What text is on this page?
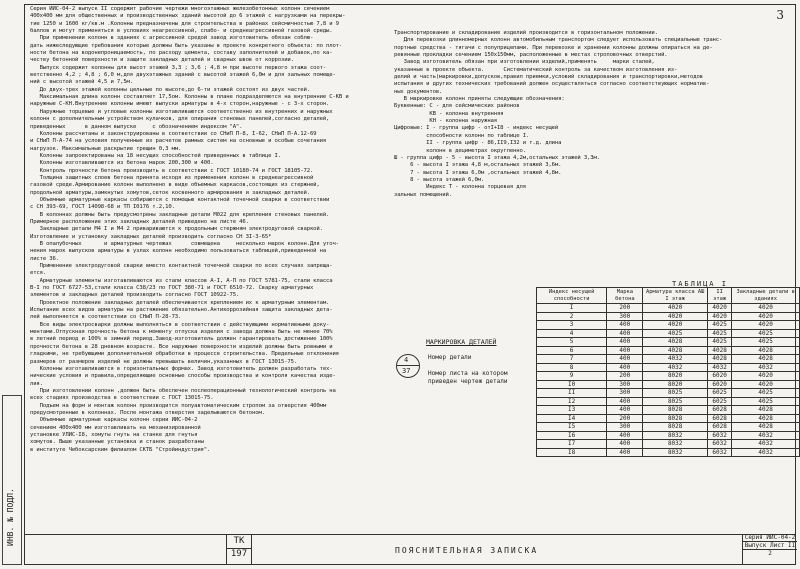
3
ИНВ. № ПОДЛ.

Серия ИИС-04-2 выпуск II содержит рабочие чертежи многоэтажных железобетонных колонн сечением

400х400 мм для общественных и производственных зданий высотой до 6 этажей с нагрузками на перекры-

тие 1250 и 1600 кг/кв.м .Колонны предназначены для строительства в районах сейсмичностью 7,8 и 9

баллов и могут применяться в условиях неагрессивной, слабо- и среднеагрессивной газовой среды.

При применении колонн в зданиях с агрессивной средой завод изготовитель обязан соблю-

дать нижеследующие требования которые должны быть указаны в проекте конкретного объекта: по плот-

ности бетона на водонепроницаемость, по расходу цемента, составу заполнителей и добавок,по ка-

честву бетонной поверхности и защите закладных деталей и сварных швов от коррозии.

Выпуск содержит колонны для высот этажей 3,3 ; 3,6 ; 4,8 м при высоте первого этажа соот-

ветственно 4,2 ; 4,8 ; 6,0 м,для двухэтажных зданий с высотой этажей 6,0м и для зальных помеще-

ний с высотой этажей 4,5 и 7,5м.

До двух-трех этажей колонны цельные по высоте,до 6-ти этажей состоят из двух частей.

Максимальная длина колонн составляет 17,5ом. Колонны в плане подразделяются на внутренние С-КВ и

наружные С-КН.Внутренние колонны имеют выпуски арматуры в 4-х сторон,наружные - с 3-х сторон.

Наружные торцевые и угловые колонны изготавливаются соответственно из внутренних и наружных

колонн с дополнительным устройством кулачков, для опирания стеновых панелей,согласно деталей,

приведенных      в данном выпуске     с обозначением индексом "А".

Колонны рассчитаны и законструированы в соответствии со СНиП П-8, I-62, СНиП П-А.12-69

и СНиП П-А-74 на условия полученные из расчетов рамных систем на основные и особые сочетания

нагрузок. Максимальные раскрытие трещин 0,3 мм.

Колонны запроектированы на 18 несущих способностей приведенных в таблице I.

Колонны изготавливаются из бетона марок 200,300 и 400.

Контроль прочности бетона производить в соответствии с ГОСТ 10180-74 и ГОСТ 18105-72.

Толщина защитных слоев бетона принята исходя из применения колонн в среднеагрессивной

газовой среде.Армирование колонн выполнено в виде объемных каркасов,состоящих из стержней,

продольной арматуры,замкнутых хомутов,сеток косвенного армирования и закладных деталей.

Объемные арматурные каркасы собираются с помощью контактной точечной сварки в соответствии

с СН 393-69, ГОСТ 14098-68 и ТП I0176 т.2,10.

В колоннах должны быть предусмотрены закладные детали М022 для крепления стеновых панелей.

Примерное расположение этих закладных деталей приведено на листе 46.

Закладные детали М4 I и М4 2 привариваются к продольным стержням электродуговой сваркой.

Изготовление и установку закладных деталей производить согласно СН 3I-3-65*

В опалубочных       и арматурных чертежах      совмещена     несколько марок колонн.Для уточ-

нения марок выпусков арматуры в узлах колонн необходимо пользоваться таблицей,приведенной на

листе 36.

Применение электродуговой сварки вместо контактной точечной сварки по всех случаях запреща-

ется.

Арматурные элементы изготавливаются из стали классов А-I, А-П по ГОСТ 5781-75, стали класса

В-I по ГОСТ 6727-53,стали класса С38/23 по ГОСТ 380-71 и ГОСТ 6510-72. Сварку арматурных

элементов и закладных деталей производить согласно ГОСТ 10922-75.

Проектное положение закладных деталей обеспечивается креплением их к арматурным элементам.

Испытание всех видов арматуры на растяжение обязательно.Антикоррозийная защита закладных дета-

лей выполняется в соответствии со СНиП П-28-73.

Все виды электросварки должны выполняться в соответствии с действующими нормативными доку-

ментами.Отпускная прочность бетона к моменту отпуска изделия с завода должна быть не менее 70%

в летний период и 100% в зимний период.Завод-изготовитель должен гарантировать достижение 100%

прочности бетона в 28 дневном возрасте. Все наружные поверхности изделий должны быть ровными и

гладкими, не требующими дополнительной обработки в процессе строительства. Предельные отклонения

размеров от размеров изделий не должны превышать величин,указанных в ГОСТ 13015-75.

Колонны изготавливаются в горизонтальных формах. Завод изготовитель должен разработать тех-

нические условия и правила,определяющие основные способы производства и контроля качества изде-

лия.

При изготовлении колонн ,должен быть обеспечен послеоперационный технологический контроль на

всех стадиях производства в соответствии с ГОСТ 13015-75.

Подъем на форм и монтаж колонн производится полуавтоматическим стропом за отверстия 400мм

предусмотренные в колоннах. После монтажа отверстия заделываются бетоном.

Объемные арматурные каркасы колонн серии ИИС-04-2

сечением 400х400 мм изготавливать на механизированной

установке УЛИС-I8, хомуты гнуть на станке для гнутья

хомутов. Выше указанные установка и станок разработаны

в институте Чебоксарским филиалом СКТБ "Стройиндустрия".

Транспортирование и складирование изделий производится в горизонтальном положении.

Для перевозки длинномерных колонн автомобильным транспортом следует использовать специальные транс-

портные средства - тягачи с полуприцепами. При перевозке и хранении колонны должны опираться на де-

ревянные прокладки сечением 150х150мм, расположенные в местах строповочных отверстий.

Завод изготовитель обязан при изготовлении изделий,применять     марки сталей,

указанные в проекте объекта.      Систематический контроль за качеством изготовления из-

делий и часть(маркировки,допусков,правил приемки,условий складирования и транспортировки,методов

испытания и других технических требований должен осуществляться согласно соответствующих норматив-

ных документов.

В маркировке колонн приняты следующие обозначения:

Буквенные: С - для сейсмических районов

КВ - колонна внутренняя

КН - колонна наружная

Цифровые: I - группа цифр - отI+I8 - индекс несущей

способности колонн по таблице I.

II - группа цифр - 86,II9,I32 и т.д. длина

колонн в дециметрах округленно.

Ш - группа цифр - 5 - высота I этажа 4,2м,остальных этажей 3,3м.

6 - высота I этажа 4,8 м,остальных этажей 3,6м.

7 - высота I этажа 6,0м ,остальных этажей 4,8м.

8 - высота этажей 6,0м.

Индекс Т - колонна торцевая для

зальных помещений.

МАРКИРОВКА ДЕТАЛЕЙ
4
37
Номер детали
Номер листа на котором
приведен чертеж детали
ТАБЛИЦА I
Индекс несущей способности	Марка бетона	Арматура класса АШ I этаж	II этаж	Закладные детали в зданиях
I	200	4020	4020	4020
2	300	4020	4020	4020
3	400	4020	4025	4020
4	400	4025	4025	4025
5	400	4028	4025	4025
6	400	4028	4028	4028
7	400	4032	4028	4028
8	400	4032	4032	4032
9	200	8020	6020	4020
I0	300	8020	6020	4020
II	300	8025	6025	4025
I2	400	8025	6025	4025
I3	400	8028	6028	4028
I4	200	8028	6028	4028
I5	300	8028	6028	4028
I6	400	8032	6032	4032
I7	400	8032	6032	4032
I8	400	8032	6032	4032
ТК
197	ПОЯСНИТЕЛЬНАЯ ЗАПИСКА
Серия ИИС-04-2
Выпуск Лист II
2
